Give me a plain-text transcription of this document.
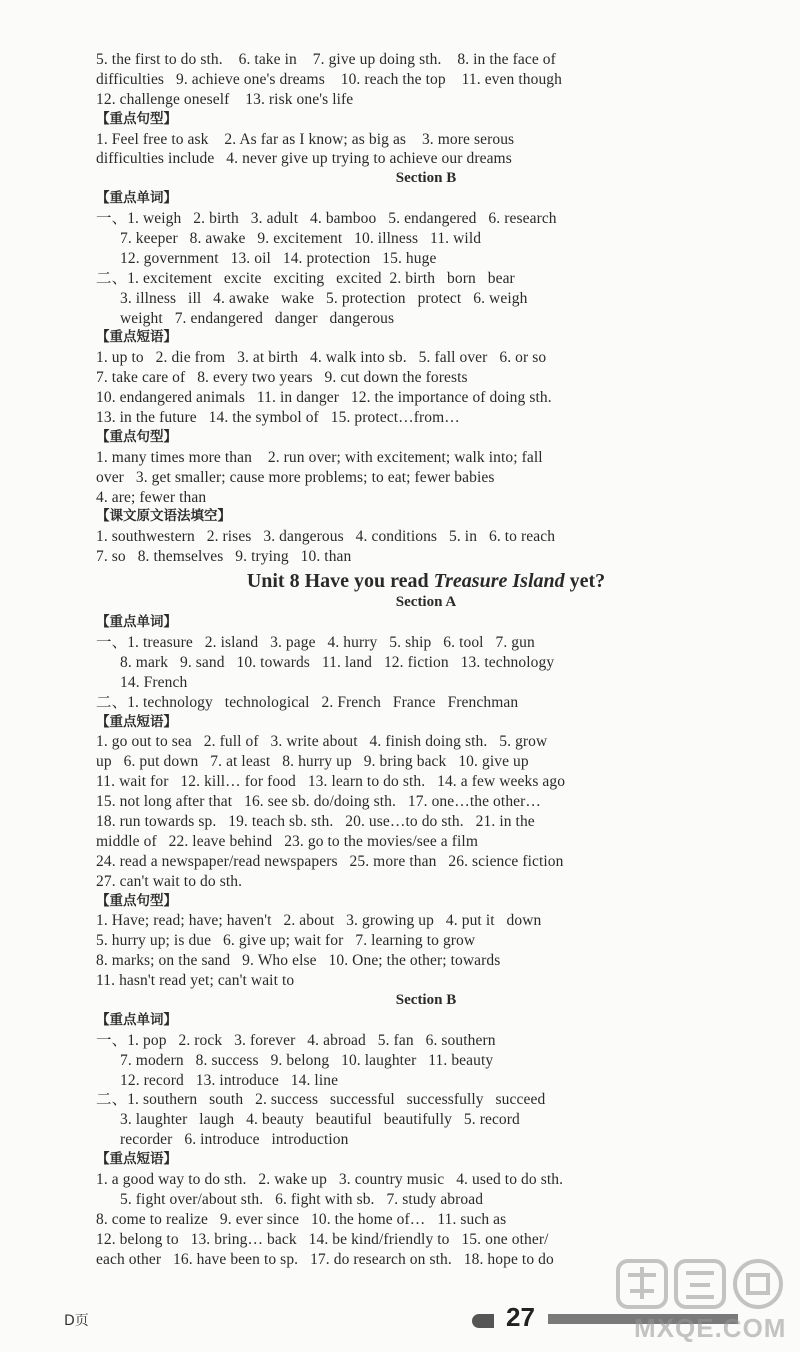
5. the first to do sth.    6. take in    7. give up doing sth.    8. in the face of
difficulties   9. achieve one's dreams    10. reach the top    11. even though
12. challenge oneself    13. risk one's life
【重点句型】
1. Feel free to ask    2. As far as I know; as big as    3. more serous
difficulties include   4. never give up trying to achieve our dreams
Section B
【重点单词】
一、1. weigh   2. birth   3. adult   4. bamboo   5. endangered   6. research
7. keeper   8. awake   9. excitement   10. illness   11. wild
12. government   13. oil   14. protection   15. huge
二、1. excitement   excite   exciting   excited  2. birth   born   bear
3. illness   ill   4. awake   wake   5. protection   protect   6. weigh
weight   7. endangered   danger   dangerous
【重点短语】
1. up to   2. die from   3. at birth   4. walk into sb.   5. fall over   6. or so
7. take care of   8. every two years   9. cut down the forests
10. endangered animals   11. in danger   12. the importance of doing sth.
13. in the future   14. the symbol of   15. protect…from…
【重点句型】
1. many times more than    2. run over; with excitement; walk into; fall
over   3. get smaller; cause more problems; to eat; fewer babies
4. are; fewer than
【课文原文语法填空】
1. southwestern   2. rises   3. dangerous   4. conditions   5. in   6. to reach
7. so   8. themselves   9. trying   10. than
Unit 8 Have you read Treasure Island yet?
Section A
【重点单词】
一、1. treasure   2. island   3. page   4. hurry   5. ship   6. tool   7. gun
8. mark   9. sand   10. towards   11. land   12. fiction   13. technology
14. French
二、1. technology   technological   2. French   France   Frenchman
【重点短语】
1. go out to sea   2. full of   3. write about   4. finish doing sth.   5. grow
up   6. put down   7. at least   8. hurry up   9. bring back   10. give up
11. wait for   12. kill… for food   13. learn to do sth.   14. a few weeks ago
15. not long after that   16. see sb. do/doing sth.   17. one…the other…
18. run towards sp.   19. teach sb. sth.   20. use…to do sth.   21. in the
middle of   22. leave behind   23. go to the movies/see a film
24. read a newspaper/read newspapers   25. more than   26. science fiction
27. can't wait to do sth.
【重点句型】
1. Have; read; have; haven't   2. about   3. growing up   4. put it   down
5. hurry up; is due   6. give up; wait for   7. learning to grow
8. marks; on the sand   9. Who else   10. One; the other; towards
11. hasn't read yet; can't wait to
Section B
【重点单词】
一、1. pop   2. rock   3. forever   4. abroad   5. fan   6. southern
7. modern   8. success   9. belong   10. laughter   11. beauty
12. record   13. introduce   14. line
二、1. southern   south   2. success   successful   successfully   succeed
3. laughter   laugh   4. beauty   beautiful   beautifully   5. record
recorder   6. introduce   introduction
【重点短语】
1. a good way to do sth.   2. wake up   3. country music   4. used to do sth.
5. fight over/about sth.   6. fight with sb.   7. study abroad
8. come to realize   9. ever since   10. the home of…   11. such as
12. belong to   13. bring… back   14. be kind/friendly to   15. one other/
each other   16. have been to sp.   17. do research on sth.   18. hope to do
D页	27	MXQE.COM
